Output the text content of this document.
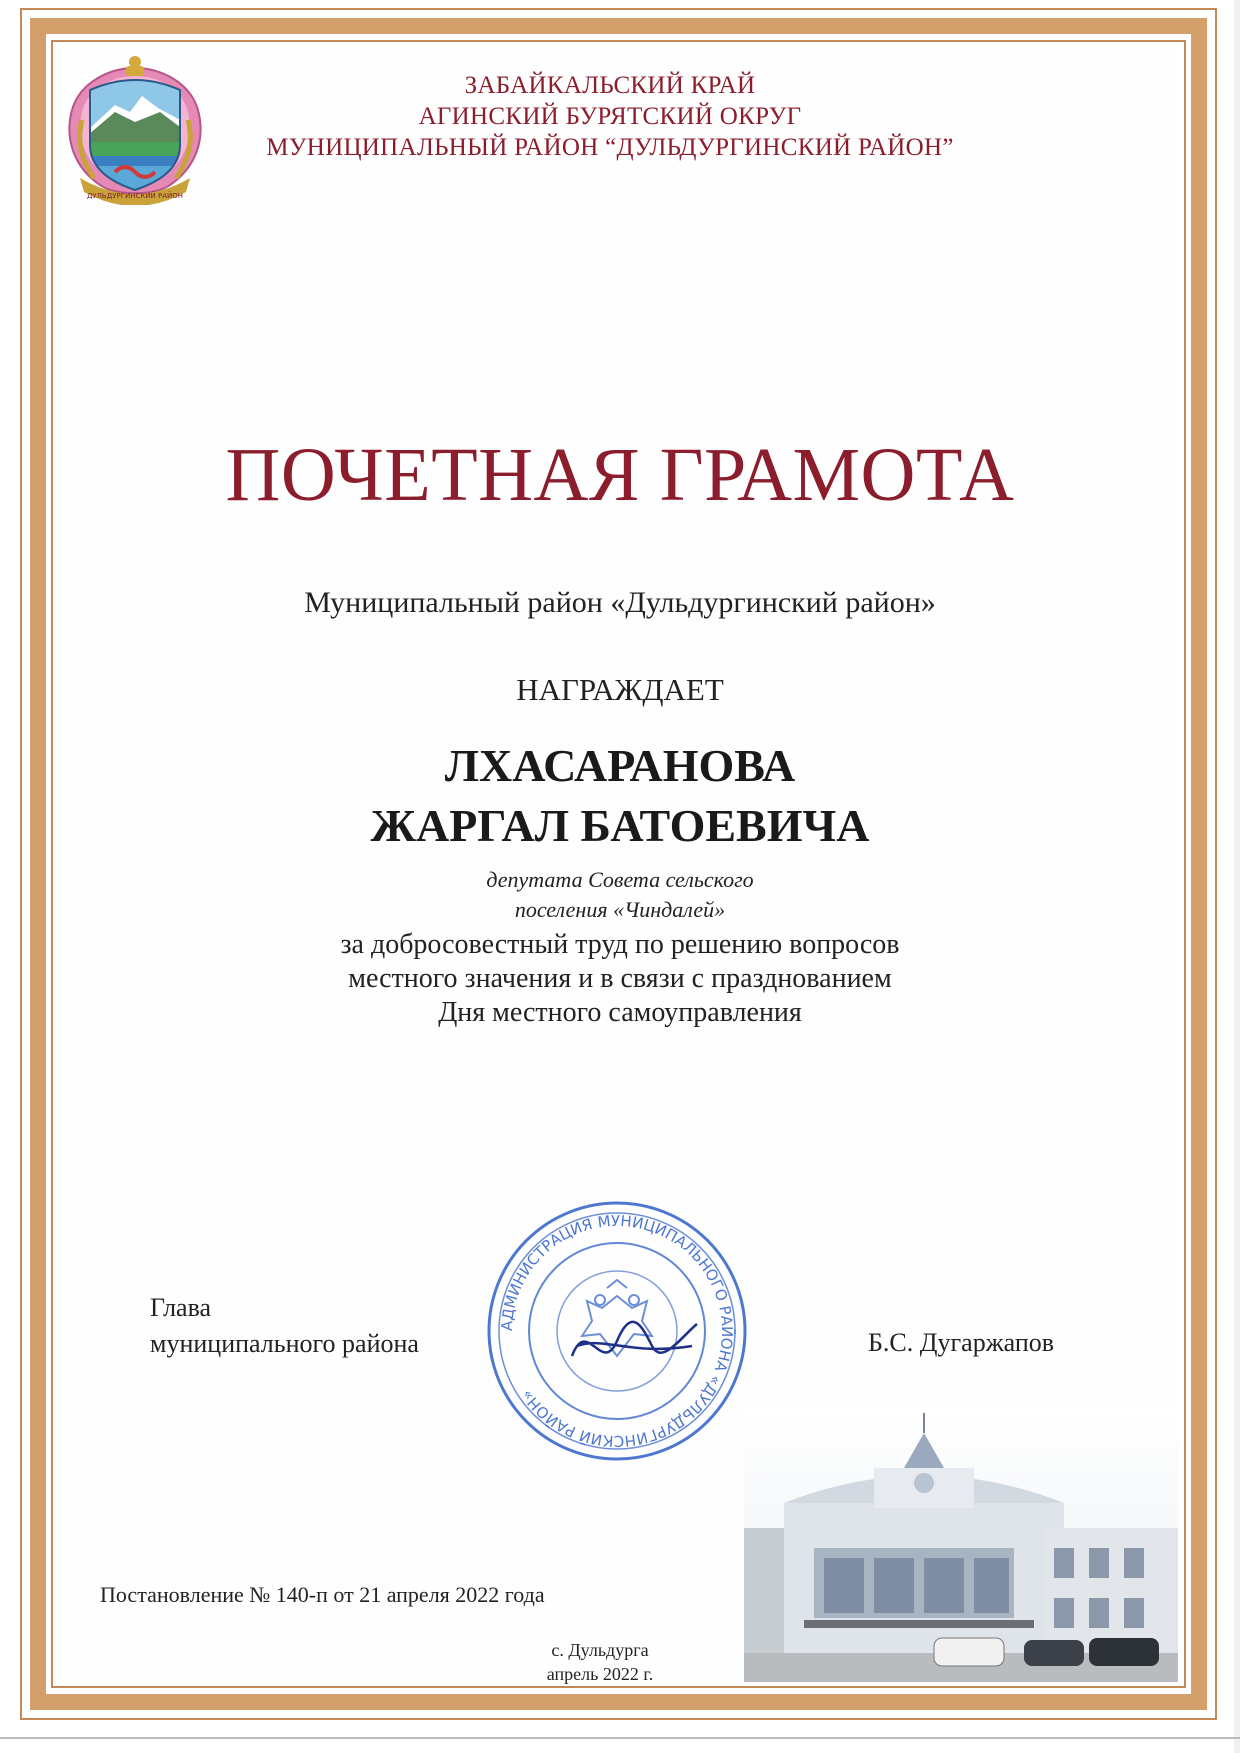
ДУЛЬДУРГИНСКИЙ РАЙОН
ЗАБАЙКАЛЬСКИЙ КРАЙ
АГИНСКИЙ БУРЯТСКИЙ ОКРУГ
МУНИЦИПАЛЬНЫЙ РАЙОН “ДУЛЬДУРГИНСКИЙ РАЙОН”
ПОЧЕТНАЯ ГРАМОТА
Муниципальный район «Дульдургинский район»
НАГРАЖДАЕТ
ЛХАСАРАНОВА
ЖАРГАЛ БАТОЕВИЧА
депутата Совета сельского
поселения «Чиндалей»
за добросовестный труд по решению вопросов
местного значения и в связи с празднованием
Дня местного самоуправления
Глава
муниципального района
АДМИНИСТРАЦИЯ МУНИЦИПАЛЬНОГО РАЙОНА «ДУЛЬДУРГИНСКИЙ РАЙОН»
Б.С. Дугаржапов
Постановление № 140-п от 21 апреля 2022 года
с. Дульдурга
апрель 2022 г.
